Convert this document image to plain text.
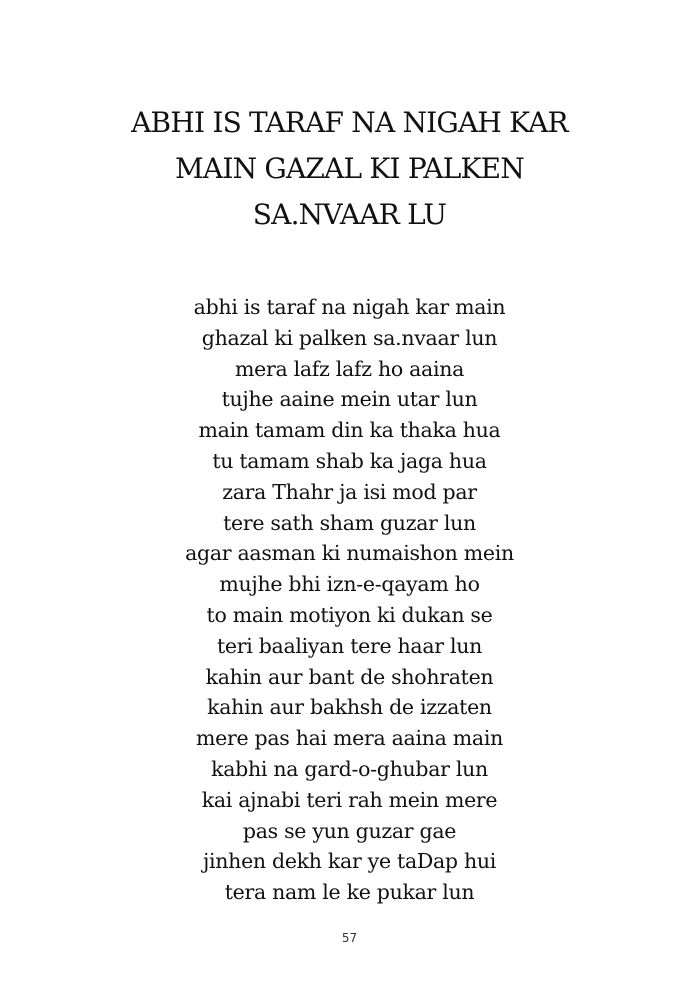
ABHI IS TARAF NA NIGAH KAR
MAIN GAZAL KI PALKEN
SA.NVAAR LU
abhi is taraf na nigah kar main
ghazal ki palken sa.nvaar lun
mera lafz lafz ho aaina
tujhe aaine mein utar lun
main tamam din ka thaka hua
tu tamam shab ka jaga hua
zara Thahr ja isi mod par
tere sath sham guzar lun
agar aasman ki numaishon mein
mujhe bhi izn-e-qayam ho
to main motiyon ki dukan se
teri baaliyan tere haar lun
kahin aur bant de shohraten
kahin aur bakhsh de izzaten
mere pas hai mera aaina main
kabhi na gard-o-ghubar lun
kai ajnabi teri rah mein mere
pas se yun guzar gae
jinhen dekh kar ye taDap hui
tera nam le ke pukar lun
57
